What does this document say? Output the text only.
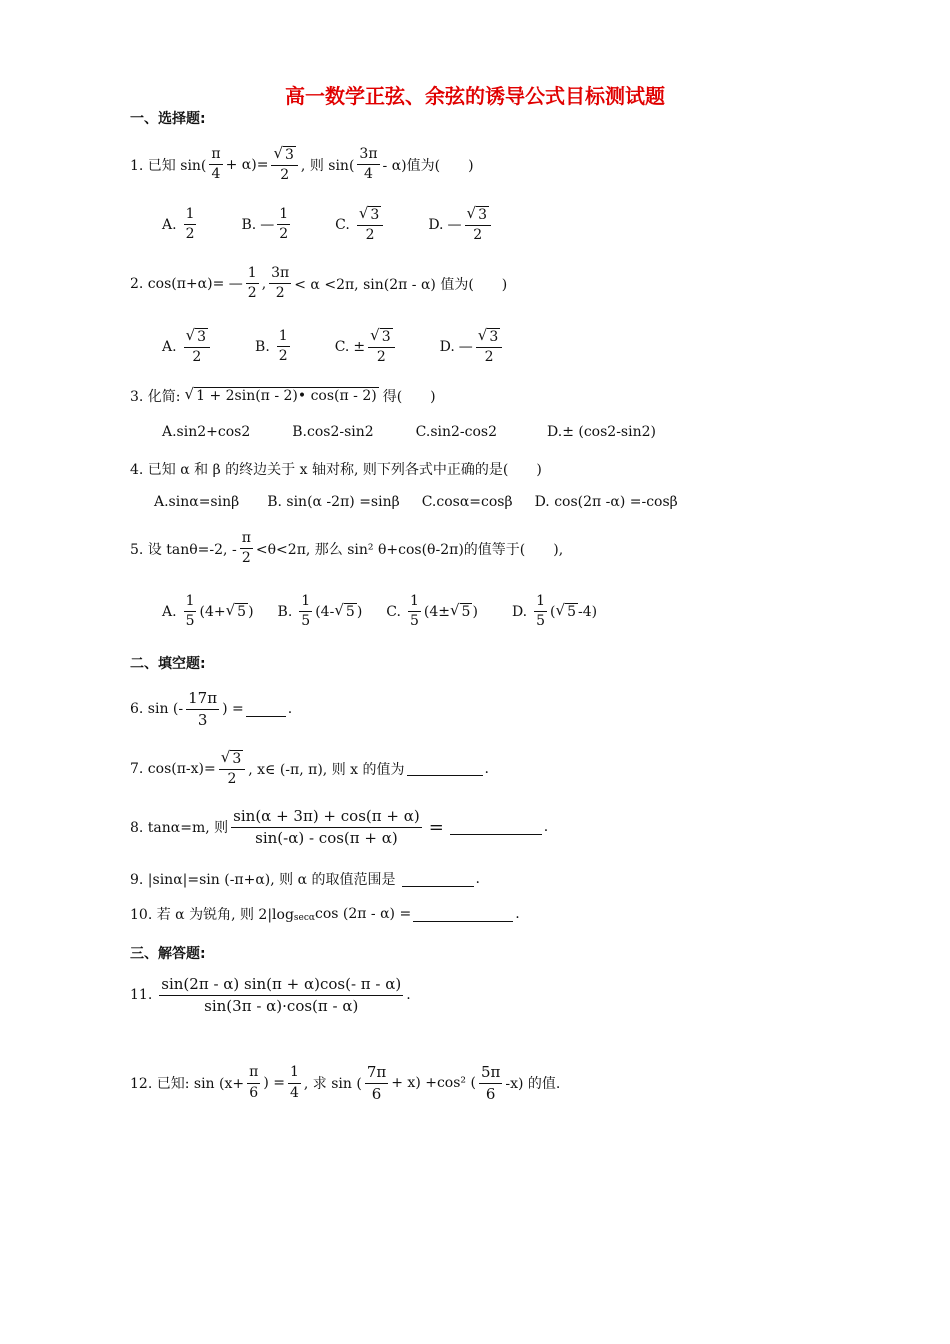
高一数学正弦、余弦的诱导公式目标测试题
一、选择题:
1. 已知 $\sin( \frac{\pi}{4} + \alpha)= \frac{√ 3}{2}$ , 则 $\sin( \frac{3\pi}{4} - \alpha)$值为(　　)
A. $\frac{1}{2}$	B. — $\frac{1}{2}$	C. $\frac{√ 3}{2}$	D. — $\frac{√ 3}{2}$
2. cos(π+α)= — $\frac{1}{2}$ , $\frac{3\pi}{2} < \alpha <2\pi$, sin(2π - α) 值为(　　)
A. $\frac{√ 3}{2}$	B. $\frac{1}{2}$	C. ± $\frac{√ 3}{2}$	D. — $\frac{√ 3}{2}$
3. 化简: √ 1 + 2sin(π - 2)• cos(π - 2) 得(　　)
A.sin2+cos2	B.cos2-sin2	C.sin2-cos2	D.± (cos2-sin2)
4. 已知 α 和 β 的终边关于 x 轴对称, 则下列各式中正确的是(　　)
A.sinα=sinβ B. sin(α -2π) =sinβ C.cosα=cosβ D. cos(2π -α) =-cosβ
5. 设 tanθ=-2, - $\frac{\pi}{2} <\theta<2\pi$, 那么 sin² θ+cos(θ-2π)的值等于(　　),
A. $\frac{1}{5} (4+$ √ 5 ) B. $\frac{1}{5} (4-$ √ 5 ) C. $\frac{1}{5} (4\pm$ √ 5 ) D. $\frac{1}{5}$ ( √ 5 -4)
二、填空题:
6. sin (- $\frac{17\pi}{3}$ ) =	.
7. $\cos(\pi-x)= \frac{√ 3}{2}$ , x∈ (-π, π), 则 x 的值为	.
8. tanα=m, 则 $\frac{\sin(\alpha + 3\pi) + \cos(\pi + \alpha)}{\sin(-\alpha) - \cos(\pi + \alpha)}$ =	.
9. |sinα|=sin (-π+α), 则 α 的取值范围是	.
10. 若 α 为锐角, 则 2|log secα cos (2π - α) =	.
三、解答题:
11. $\frac{\sin(2\pi - \alpha) \sin(\pi + \alpha)\cos(- \pi - \alpha)}{\sin(3\pi - \alpha)\cdot\cos(\pi - \alpha)}$ .
12. 已知: $\sin (x+ \frac{\pi}{6}$ ) = $\frac{1}{4}$ , 求 sin ( $\frac{7\pi}{6} + x) +\cos^2$ ( $\frac{5\pi}{6} -x$) 的值.
